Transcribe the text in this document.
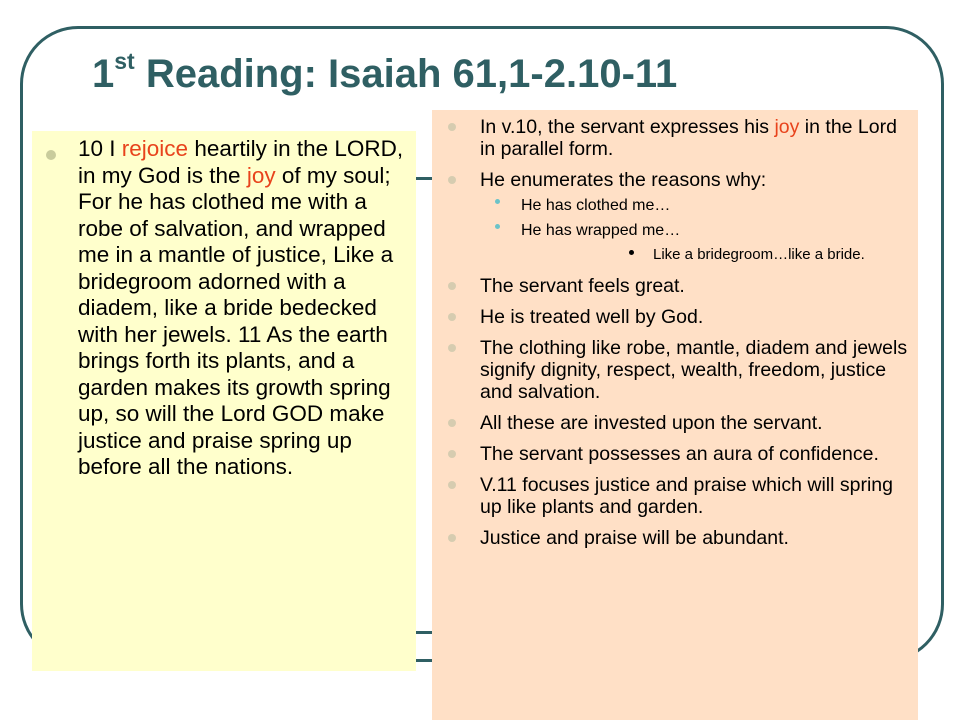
1st Reading: Isaiah 61,1-2.10-11
10 I rejoice heartily in the LORD, in my God is the joy of my soul; For he has clothed me with a robe of salvation, and wrapped me in a mantle of justice, Like a bridegroom adorned with a diadem, like a bride bedecked with her jewels. 11 As the earth brings forth its plants, and a garden makes its growth spring up, so will the Lord GOD make justice and praise spring up before all the nations.
In v.10, the servant expresses his joy in the Lord in parallel form.
He enumerates the reasons why:
He has clothed me…
He has wrapped me…
Like a bridegroom…like a bride.
The servant feels great.
He is treated well by God.
The clothing like robe, mantle, diadem and jewels signify dignity, respect, wealth, freedom, justice and salvation.
All these are invested upon the servant.
The servant possesses an aura of confidence.
V.11 focuses justice and praise which will spring up like plants and garden.
Justice and praise will be abundant.
